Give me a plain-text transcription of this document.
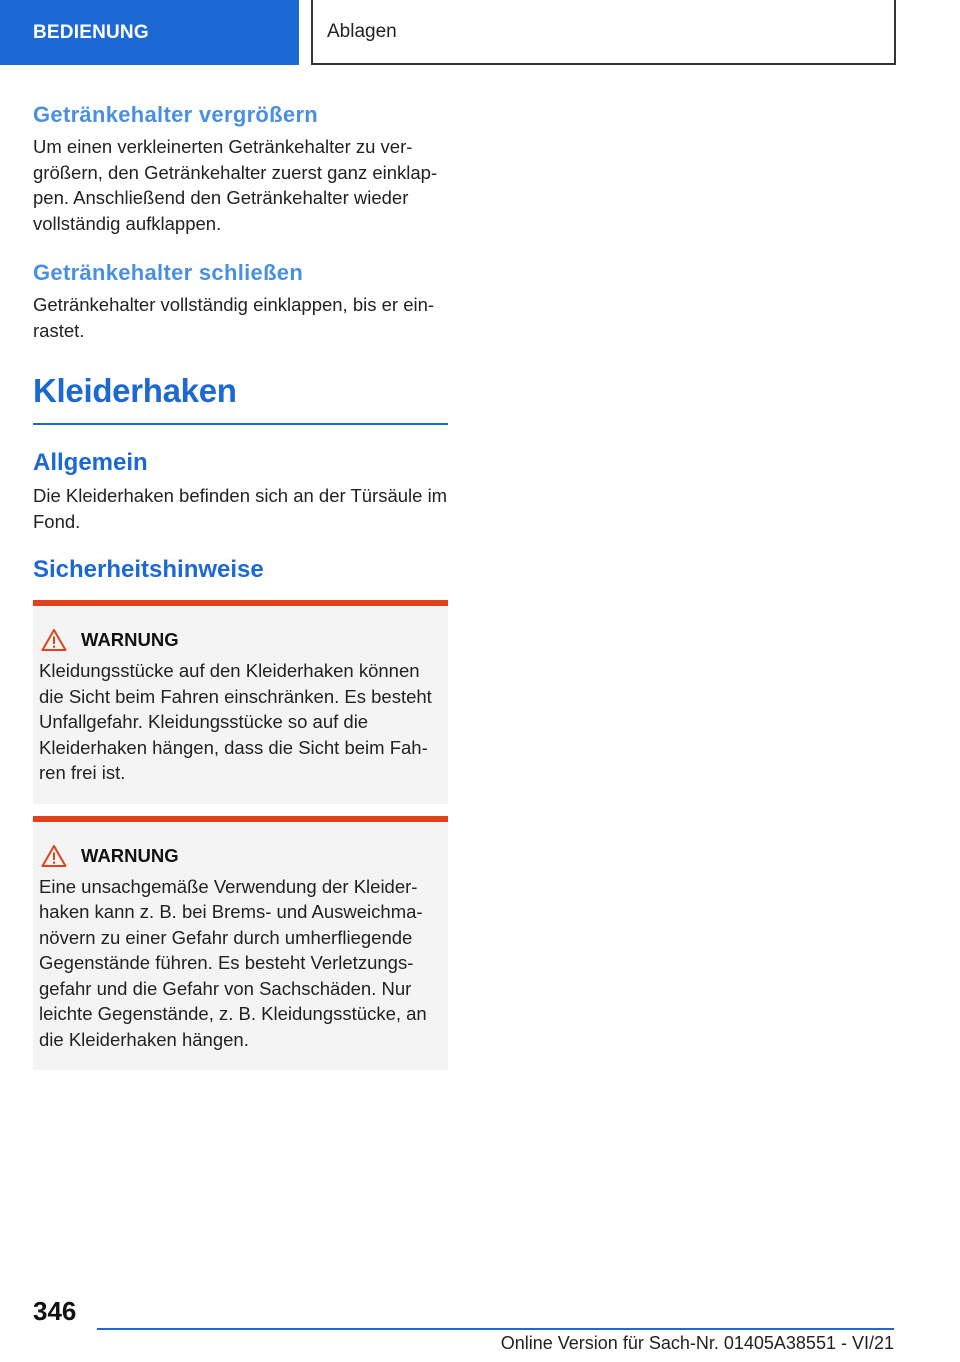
BEDIENUNG	Ablagen
Getränkehalter vergrößern

Um einen verkleinerten Getränkehalter zu vergrößern, den Getränkehalter zuerst ganz einklappen. Anschließend den Getränkehalter wieder vollständig aufklappen.

Getränkehalter schließen

Getränkehalter vollständig einklappen, bis er einrastet.

Kleiderhaken
Allgemein

Die Kleiderhaken befinden sich an der Türsäule im Fond.

Sicherheitshinweise
WARNUNG

Kleidungsstücke auf den Kleiderhaken können die Sicht beim Fahren einschränken. Es besteht Unfallgefahr. Kleidungsstücke so auf die Kleiderhaken hängen, dass die Sicht beim Fahren frei ist.

WARNUNG

Eine unsachgemäße Verwendung der Kleiderhaken kann z. B. bei Brems- und Ausweichmanövern zu einer Gefahr durch umherfliegende Gegenstände führen. Es besteht Verletzungsgefahr und die Gefahr von Sachschäden. Nur leichte Gegenstände, z. B. Kleidungsstücke, an die Kleiderhaken hängen.

346
Online Version für Sach-Nr. 01405A38551 - VI/21
